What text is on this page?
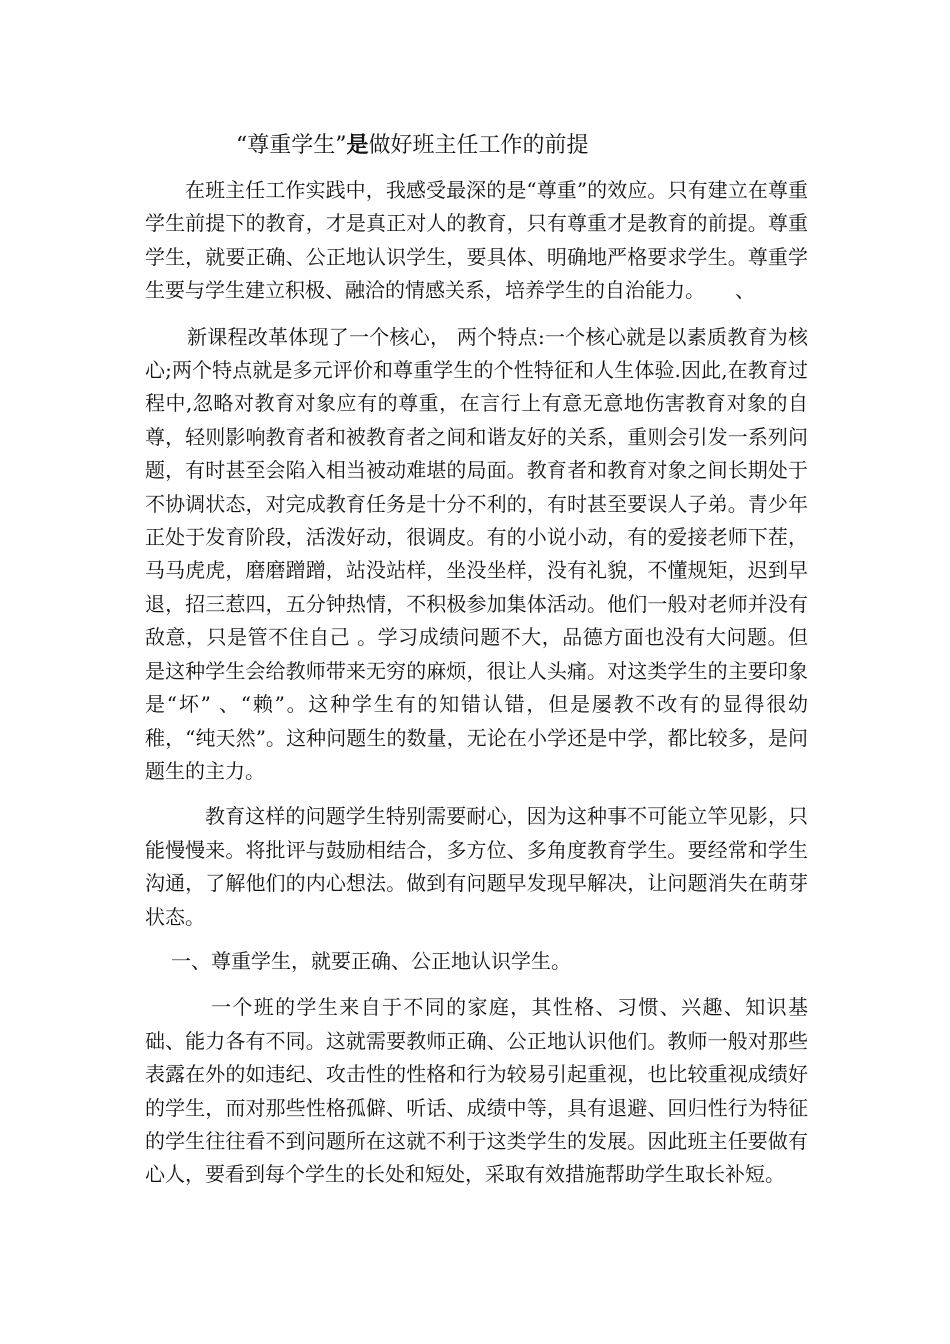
“尊重学生”是做好班主任工作的前提

在班主任工作实践中，我感受最深的是“尊重”的效应。只有建立在尊重学生前提下的教育，才是真正对人的教育，只有尊重才是教育的前提。尊重学生，就要正确、公正地认识学生，要具体、明确地严格要求学生。尊重学生要与学生建立积极、融洽的情感关系，培养学生的自治能力。　　、

新课程改革体现了一个核心， 两个特点:一个核心就是以素质教育为核心;两个特点就是多元评价和尊重学生的个性特征和人生体验.因此,在教育过程中,忽略对教育对象应有的尊重，在言行上有意无意地伤害教育对象的自尊，轻则影响教育者和被教育者之间和谐友好的关系，重则会引发一系列问题，有时甚至会陷入相当被动难堪的局面。教育者和教育对象之间长期处于不协调状态，对完成教育任务是十分不利的，有时甚至要误人子弟。青少年正处于发育阶段，活泼好动，很调皮。有的小说小动，有的爱接老师下茬，马马虎虎，磨磨蹭蹭，站没站样，坐没坐样，没有礼貌，不懂规矩，迟到早退，招三惹四，五分钟热情，不积极参加集体活动。他们一般对老师并没有敌意，只是管不住自己 。学习成绩问题不大，品德方面也没有大问题。但是这种学生会给教师带来无穷的麻烦，很让人头痛。对这类学生的主要印象是“坏” 、“赖”。这种学生有的知错认错，但是屡教不改有的显得很幼稚，“纯天然”。这种问题生的数量，无论在小学还是中学，都比较多，是问题生的主力。

教育这样的问题学生特别需要耐心，因为这种事不可能立竿见影，只能慢慢来。将批评与鼓励相结合，多方位、多角度教育学生。要经常和学生沟通，了解他们的内心想法。做到有问题早发现早解决，让问题消失在萌芽状态。

一、尊重学生，就要正确、公正地认识学生。

一个班的学生来自于不同的家庭，其性格、习惯、兴趣、知识基础、能力各有不同。这就需要教师正确、公正地认识他们。教师一般对那些表露在外的如违纪、攻击性的性格和行为较易引起重视，也比较重视成绩好的学生，而对那些性格孤僻、听话、成绩中等，具有退避、回归性行为特征的学生往往看不到问题所在这就不利于这类学生的发展。因此班主任要做有心人，要看到每个学生的长处和短处，采取有效措施帮助学生取长补短。
